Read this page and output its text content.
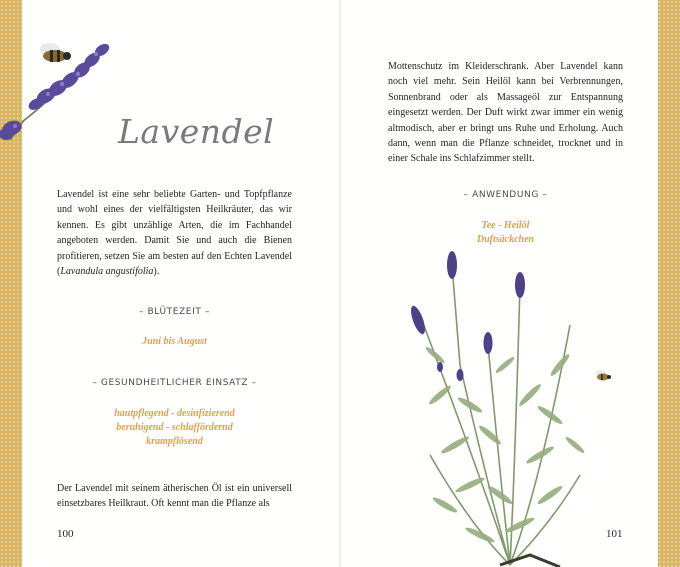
Lavendel
Lavendel ist eine sehr beliebte Garten- und Topfpflanze und wohl eines der vielfältigsten Heilkräuter, das wir kennen. Es gibt unzählige Arten, die im Fachhandel angeboten werden. Damit Sie und auch die Bienen profitieren, setzen Sie am besten auf den Echten Lavendel (Lavandula angustifolia).
– BLÜTEZEIT –
Juni bis August
– GESUNDHEITLICHER EINSATZ –
hautpflegend - desinfizierend
beruhigend - schlaffördernd
krampflösend
Der Lavendel mit seinem ätherischen Öl ist ein universell einsetzbares Heilkraut. Oft kennt man die Pflanze als
100
Mottenschutz im Kleiderschrank. Aber Lavendel kann noch viel mehr. Sein Heilöl kann bei Verbrennungen, Sonnenbrand oder als Massageöl zur Entspannung eingesetzt werden. Der Duft wirkt zwar immer ein wenig altmodisch, aber er bringt uns Ruhe und Erholung. Auch dann, wenn man die Pflanze schneidet, trocknet und in einer Schale ins Schlafzimmer stellt.
– ANWENDUNG –
Tee - Heilöl
Duftsäckchen
101
